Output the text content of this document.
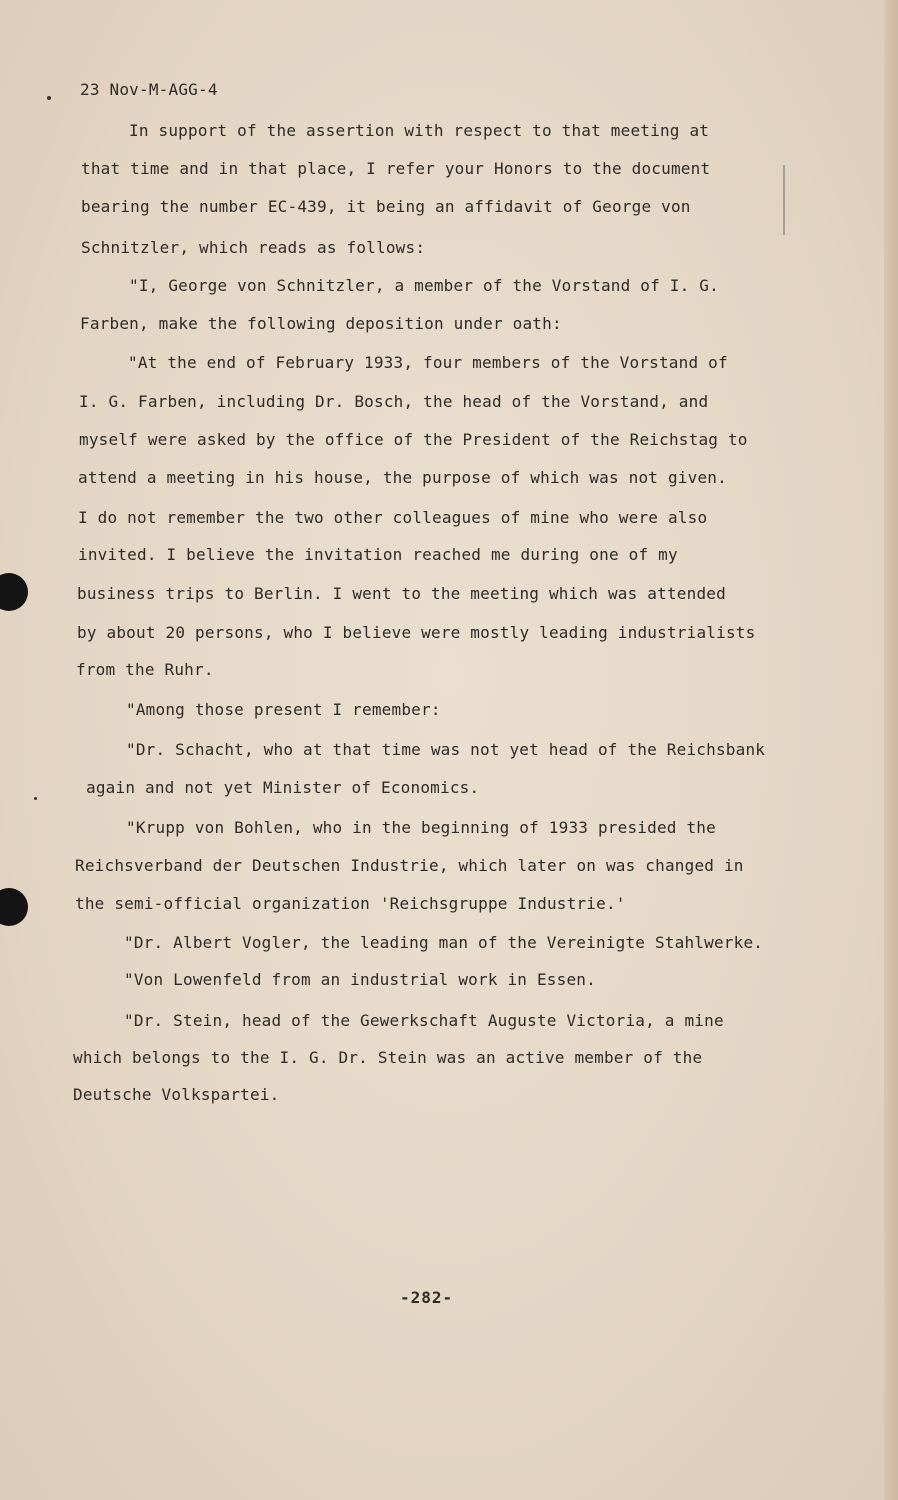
23 Nov-M-AGG-4
In support of the assertion with respect to that meeting at
that time and in that place, I refer your Honors to the document
bearing the number EC-439, it being an affidavit of George von
Schnitzler, which reads as follows:
"I, George von Schnitzler, a member of the Vorstand of I. G.
Farben, make the following deposition under oath:
"At the end of February 1933, four members of the Vorstand of
I. G. Farben, including Dr. Bosch, the head of the Vorstand, and
myself were asked by the office of the President of the Reichstag to
attend a meeting in his house, the purpose of which was not given.
I do not remember the two other colleagues of mine who were also
invited. I believe the invitation reached me during one of my
business trips to Berlin. I went to the meeting which was attended
by about 20 persons, who I believe were mostly leading industrialists
from the Ruhr.
"Among those present I remember:
"Dr. Schacht, who at that time was not yet head of the Reichsbank
again and not yet Minister of Economics.
"Krupp von Bohlen, who in the beginning of 1933 presided the
Reichsverband der Deutschen Industrie, which later on was changed in
the semi-official organization 'Reichsgruppe Industrie.'
"Dr. Albert Vogler, the leading man of the Vereinigte Stahlwerke.
"Von Lowenfeld from an industrial work in Essen.
"Dr. Stein, head of the Gewerkschaft Auguste Victoria, a mine
which belongs to the I. G. Dr. Stein was an active member of the
Deutsche Volkspartei.
-282-
